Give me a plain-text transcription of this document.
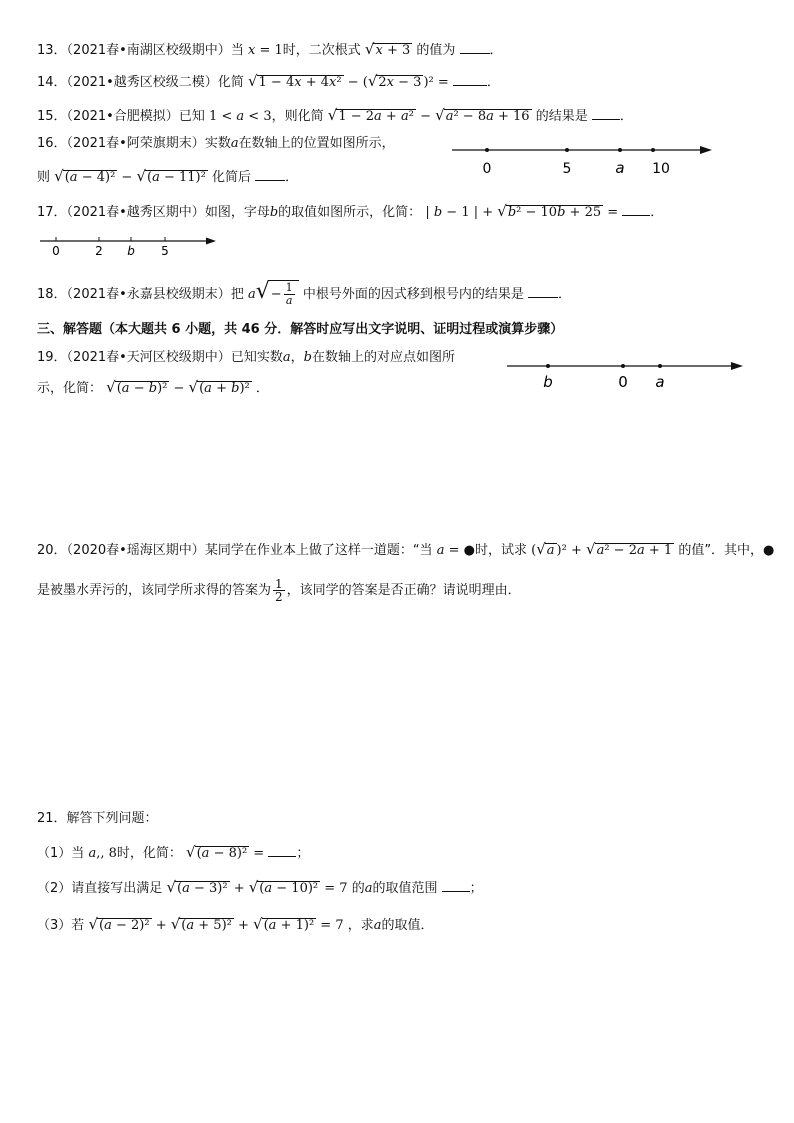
13．（2021春•南湖区校级期中）当 x = 1时，二次根式 √x + 3 的值为	．
14．（2021•越秀区校级二模）化简 √1 − 4x + 4x² − (√2x − 3 )² =	．
15．（2021•合肥模拟）已知 1 < a < 3，则化简 √1 − 2a + a² − √a² − 8a + 16 的结果是 ．
16．（2021春•阿荣旗期末）实数a在数轴上的位置如图所示，
则 √(a − 4)² − √(a − 11)² 化简后	．
0	5	a 10
17．（2021春•越秀区期中）如图，字母b的取值如图所示，化简： | b − 1 | + √b² − 10b + 25 = ．
0	2 b 5
18．（2021春•永嘉县校级期末）把 $a√- \frac{1}{a}$ 中根号外面的因式移到根号内的结果是	．
三、解答题（本大题共 6 小题，共 46 分．解答时应写出文字说明、证明过程或演算步骤）
19．（2021春•天河区校级期中）已知实数a，b在数轴上的对应点如图所
示，化简： √(a − b)² − √(a + b)² ．	b	0 a
20．（2020春•瑶海区期中）某同学在作业本上做了这样一道题：“当 a = ●时，试求 (√a )² + √a² − 2a + 1 的值”．其中，●
是被墨水弄污的，该同学所求得的答案为 $\frac{1}{2}$ ，该同学的答案是否正确？请说明理由．
21．解答下列问题：
（1）当 a,, 8时，化简： √(a − 8)² = ；
（2）请直接写出满足 √(a − 3)² + √(a − 10)² = 7 的a的取值范围 ；
（3）若 √(a − 2)² + √(a + 5)² + √(a + 1)² = 7 ，求a的取值．
